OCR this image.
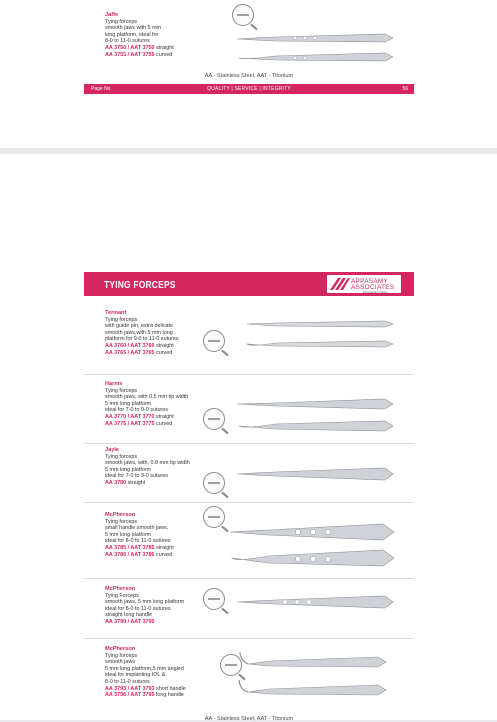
Jaffe
Tying forceps
smooth jaws with 5 mm
long platform, ideal for
8-0 to 11-0 sutures
AA 3750 / AAT 3750 straight
AA 3755 / AAT 3755 curved
AA - Stainless Steel, AAT - Titonium
Page No	QUALITY | SERVICE | INTEGRITY	56
TYING FORCEPS	APPASAMY
ASSOCIATES
Empowering Vision
Tennant
Tying forceps
with guide pin, extra delicate
smooth jaws,with 5 mm long
platform for 9-0 to 11-0 sutures
AA 3760 / AAT 3760 straight
AA 3765 / AAT 3765 curved
Harms
Tying forceps
smooth jaws, with 0.5 mm tip width
5 mm long platform
ideal for 7-0 to 9-0 sutures
AA 3770 / AAT 3770 straight
AA 3775 / AAT 3775 curved
Jayle
Tying forceps
smooth jaws, with, 0.8 mm tip width
5 mm long platform
ideal for 7-0 to 9-0 sutures
AA 3780 straight
McPherson
Tying forceps
small handle smooth jaws,
5 mm long platform
ideal for 8-0 to 11-0 sutures
AA 3785 / AAT 3785 straight
AA 3786 / AAT 3786 curved
McPherson
Tying Forceps
smooth jaws, 5 mm long platform
ideal for 8-0 to 11-0 sutures
straight long handle
AA 3790 / AAT 3790
McPherson
Tying forceps
smooth jaws
5 mm long platform,5 mm angled
ideal for implanting IOL &
8-0 to 11-0 sutures
AA 3793 / AAT 3793 short handle
AA 3796 / AAT 3795 long handle
AA - Stainless Steel, AAT - Titonium
